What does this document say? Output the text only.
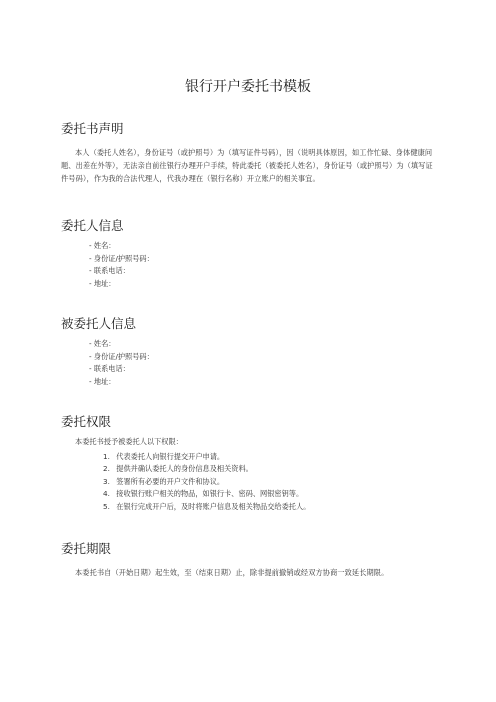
银行开户委托书模板

委托书声明

本人（委托人姓名），身份证号（或护照号）为（填写证件号码），因（说明具体原因，如工作忙碌、身体健康问题、出差在外等），无法亲自前往银行办理开户手续，特此委托（被委托人姓名），身份证号（或护照号）为（填写证件号码），作为我的合法代理人，代我办理在（银行名称）开立账户的相关事宜。

委托人信息

- 姓名：
- 身份证/护照号码：
- 联系电话：
- 地址：

被委托人信息

- 姓名：
- 身份证/护照号码：
- 联系电话：
- 地址：

委托权限

本委托书授予被委托人以下权限：

1. 代表委托人向银行提交开户申请。
2. 提供并确认委托人的身份信息及相关资料。
3. 签署所有必要的开户文件和协议。
4. 接收银行账户相关的物品，如银行卡、密码、网银密钥等。
5. 在银行完成开户后，及时将账户信息及相关物品交给委托人。

委托期限

本委托书自（开始日期）起生效，至（结束日期）止，除非提前撤销或经双方协商一致延长期限。
